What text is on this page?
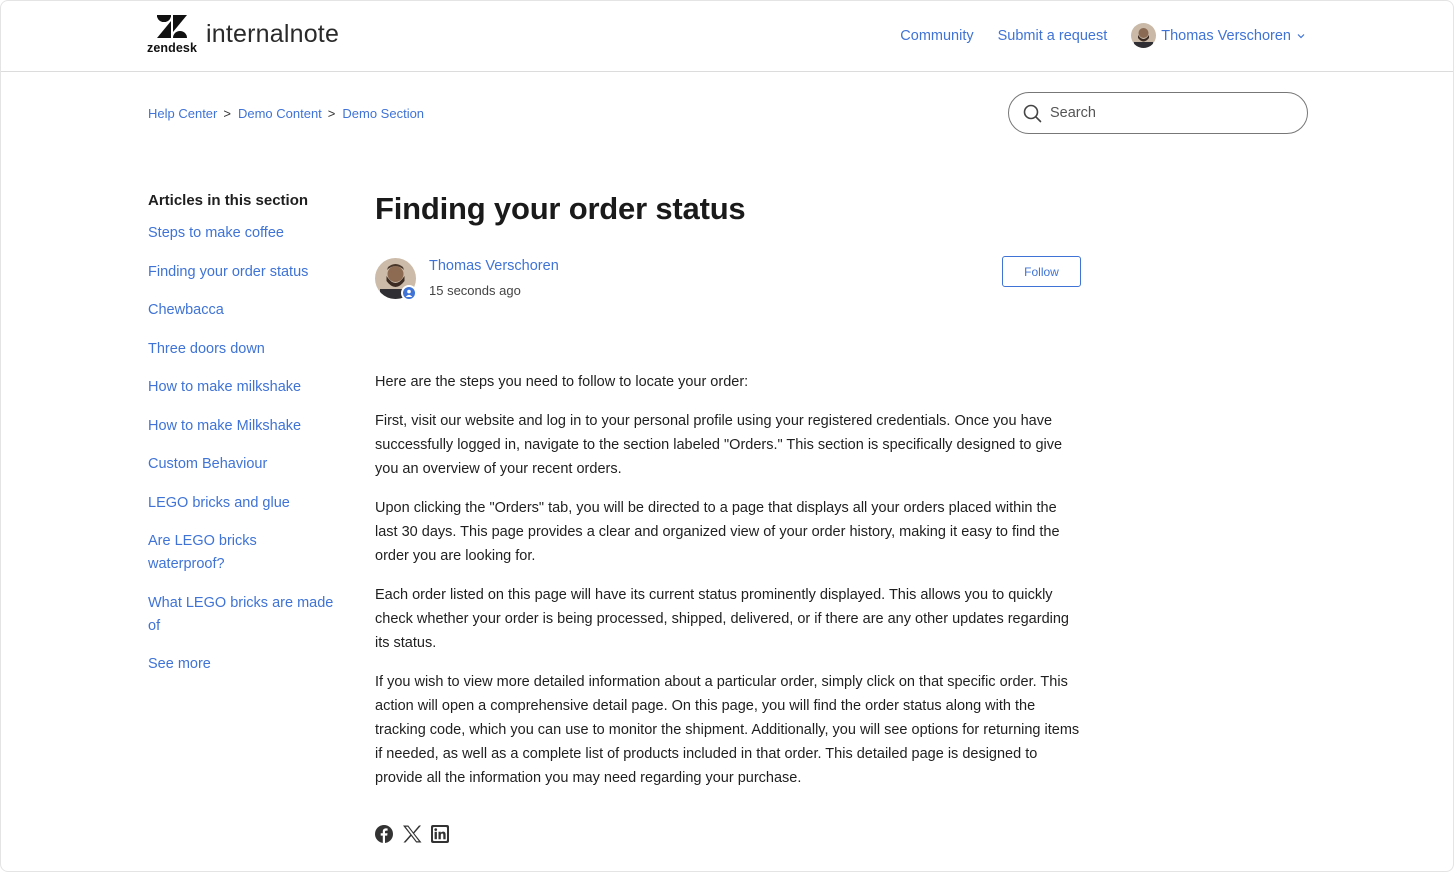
zendesk internalnote	Community Submit a request	Thomas Verschoren
Help Center > Demo Content > Demo Section
Search
Articles in this section
Steps to make coffee
Finding your order status
Chewbacca
Three doors down
How to make milkshake
How to make Milkshake
Custom Behaviour
LEGO bricks and glue
Are LEGO bricks waterproof?
What LEGO bricks are made of
See more
Finding your order status
Thomas Verschoren
15 seconds ago
Follow

Here are the steps you need to follow to locate your order:

First, visit our website and log in to your personal profile using your registered credentials. Once you have successfully logged in, navigate to the section labeled "Orders." This section is specifically designed to give you an overview of your recent orders.

Upon clicking the "Orders" tab, you will be directed to a page that displays all your orders placed within the last 30 days. This page provides a clear and organized view of your order history, making it easy to find the order you are looking for.

Each order listed on this page will have its current status prominently displayed. This allows you to quickly check whether your order is being processed, shipped, delivered, or if there are any other updates regarding its status.

If you wish to view more detailed information about a particular order, simply click on that specific order. This action will open a comprehensive detail page. On this page, you will find the order status along with the tracking code, which you can use to monitor the shipment. Additionally, you will see options for returning items if needed, as well as a complete list of products included in that order. This detailed page is designed to provide all the information you may need regarding your purchase.
